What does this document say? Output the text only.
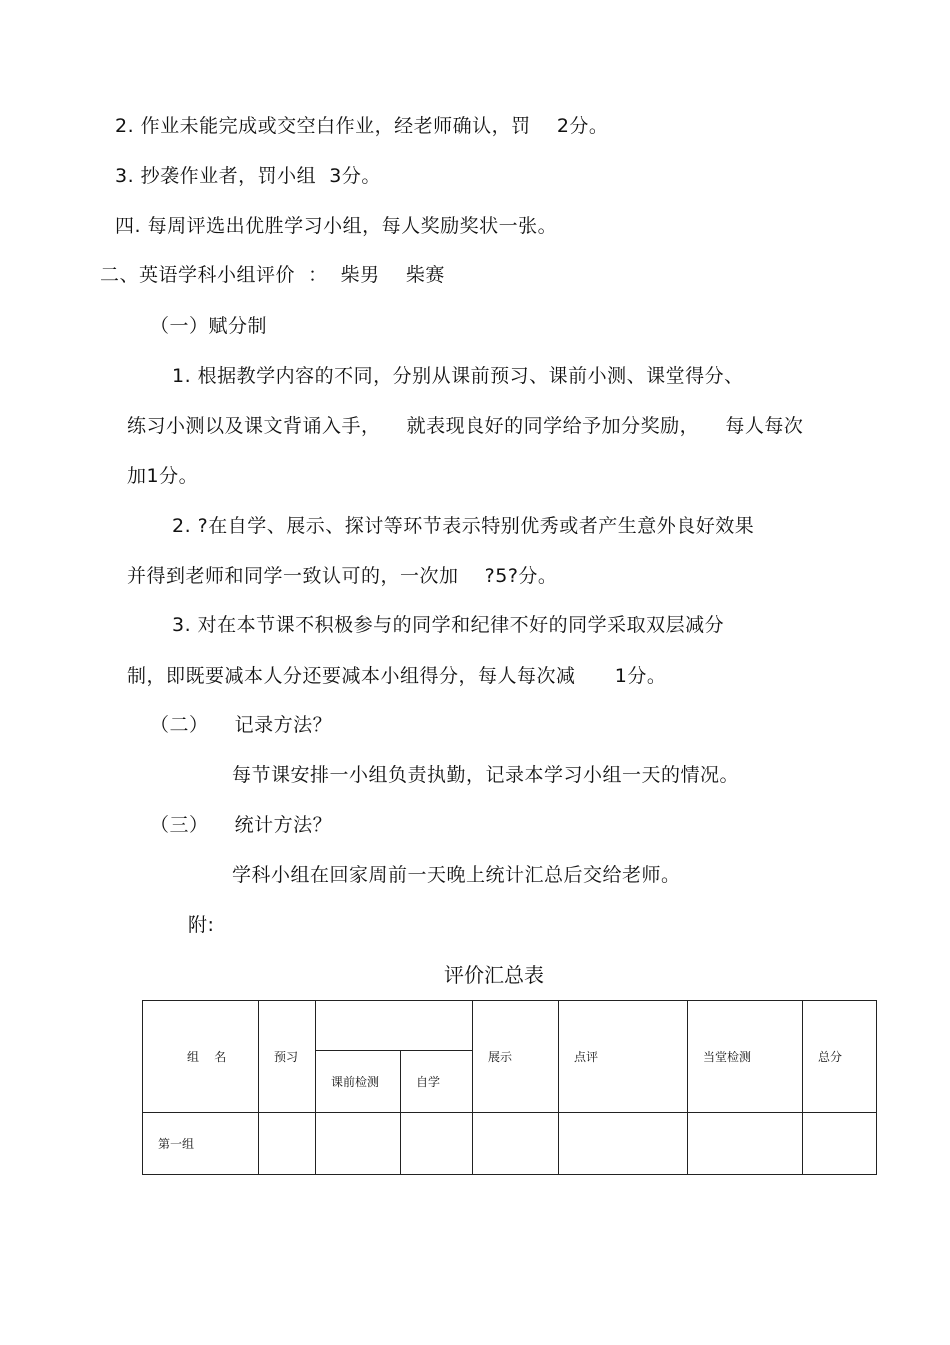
2. 作业未能完成或交空白作业，经老师确认，罚    2分。
3. 抄袭作业者，罚小组  3分。
四. 每周评选出优胜学习小组，每人奖励奖状一张。
二、英语学科小组评价  ：  柴男    柴赛
（一）赋分制
1. 根据教学内容的不同，分别从课前预习、课前小测、课堂得分、
练习小测以及课文背诵入手，    就表现良好的同学给予加分奖励，    每人每次
加1分。
2. ?在自学、展示、探讨等环节表示特别优秀或者产生意外良好效果
并得到老师和同学一致认可的，一次加    ?5?分。
3. 对在本节课不积极参与的同学和纪律不好的同学采取双层减分
制，即既要减本人分还要减本小组得分，每人每次减      1分。
（二）    记录方法？
每节课安排一小组负责执勤，记录本学习小组一天的情况。
（三）    统计方法？
学科小组在回家周前一天晚上统计汇总后交给老师。
附:
评价汇总表
组    名	预习			展示	点评	当堂检测	总分
		课前检测	自学				
第一组							
